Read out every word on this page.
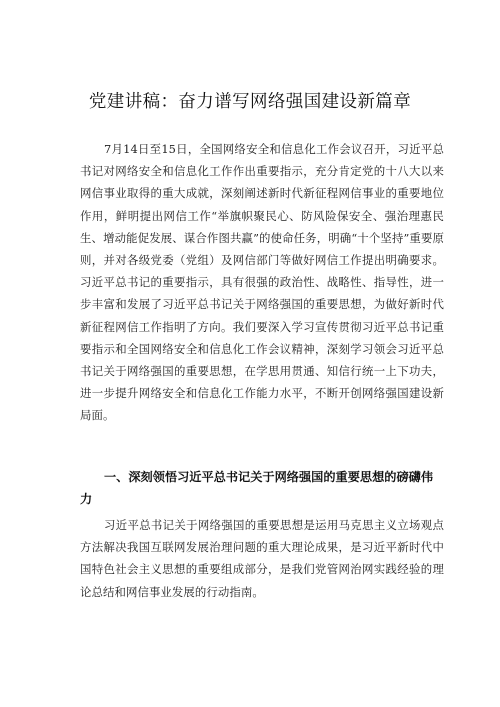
党建讲稿：奋力谱写网络强国建设新篇章

7月14日至15日，全国网络安全和信息化工作会议召开，习近平总书记对网络安全和信息化工作作出重要指示，充分肯定党的十八大以来网信事业取得的重大成就，深刻阐述新时代新征程网信事业的重要地位作用，鲜明提出网信工作“举旗帜聚民心、防风险保安全、强治理惠民生、增动能促发展、谋合作图共赢”的使命任务，明确“十个坚持”重要原则，并对各级党委（党组）及网信部门等做好网信工作提出明确要求。习近平总书记的重要指示，具有很强的政治性、战略性、指导性，进一步丰富和发展了习近平总书记关于网络强国的重要思想，为做好新时代新征程网信工作指明了方向。我们要深入学习宣传贯彻习近平总书记重要指示和全国网络安全和信息化工作会议精神，深刻学习领会习近平总书记关于网络强国的重要思想，在学思用贯通、知信行统一上下功夫，进一步提升网络安全和信息化工作能力水平，不断开创网络强国建设新局面。

一、深刻领悟习近平总书记关于网络强国的重要思想的磅礴伟力

习近平总书记关于网络强国的重要思想是运用马克思主义立场观点方法解决我国互联网发展治理问题的重大理论成果，是习近平新时代中国特色社会主义思想的重要组成部分，是我们党管网治网实践经验的理论总结和网信事业发展的行动指南。
